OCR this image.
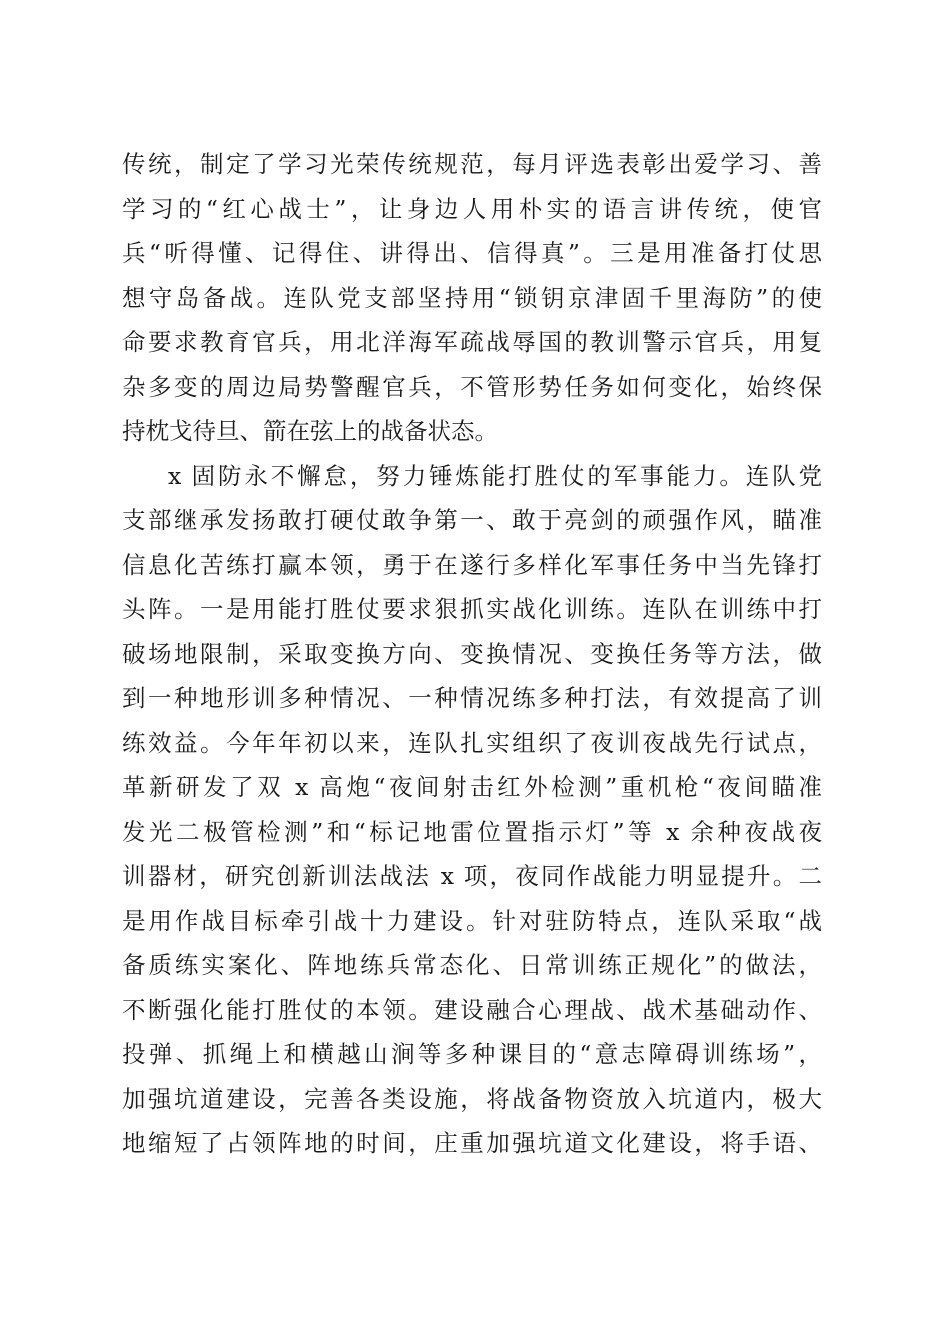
传统，制定了学习光荣传统规范，每月评选表彰出爱学习、善
学习的“红心战士”，让身边人用朴实的语言讲传统，使官
兵“听得懂、记得住、讲得出、信得真”。三是用准备打仗思
想守岛备战。连队党支部坚持用“锁钥京津固千里海防”的使
命要求教育官兵，用北洋海军疏战辱国的教训警示官兵，用复
杂多变的周边局势警醒官兵，不管形势任务如何变化，始终保
持枕戈待旦、箭在弦上的战备状态。
x 固防永不懈怠，努力锤炼能打胜仗的军事能力。连队党
支部继承发扬敢打硬仗敢争第一、敢于亮剑的顽强作风，瞄准
信息化苦练打赢本领，勇于在遂行多样化军事任务中当先锋打
头阵。一是用能打胜仗要求狠抓实战化训练。连队在训练中打
破场地限制，采取变换方向、变换情况、变换任务等方法，做
到一种地形训多种情况、一种情况练多种打法，有效提高了训
练效益。今年年初以来，连队扎实组织了夜训夜战先行试点，
革新研发了双 x 高炮“夜间射击红外检测”重机枪“夜间瞄准
发光二极管检测”和“标记地雷位置指示灯”等 x 余种夜战夜
训器材，研究创新训法战法 x 项，夜同作战能力明显提升。二
是用作战目标牵引战十力建设。针对驻防特点，连队采取“战
备质练实案化、阵地练兵常态化、日常训练正规化”的做法，
不断强化能打胜仗的本领。建设融合心理战、战术基础动作、
投弹、抓绳上和横越山涧等多种课目的“意志障碍训练场”，
加强坑道建设，完善各类设施，将战备物资放入坑道内，极大
地缩短了占领阵地的时间，庄重加强坑道文化建设，将手语、
